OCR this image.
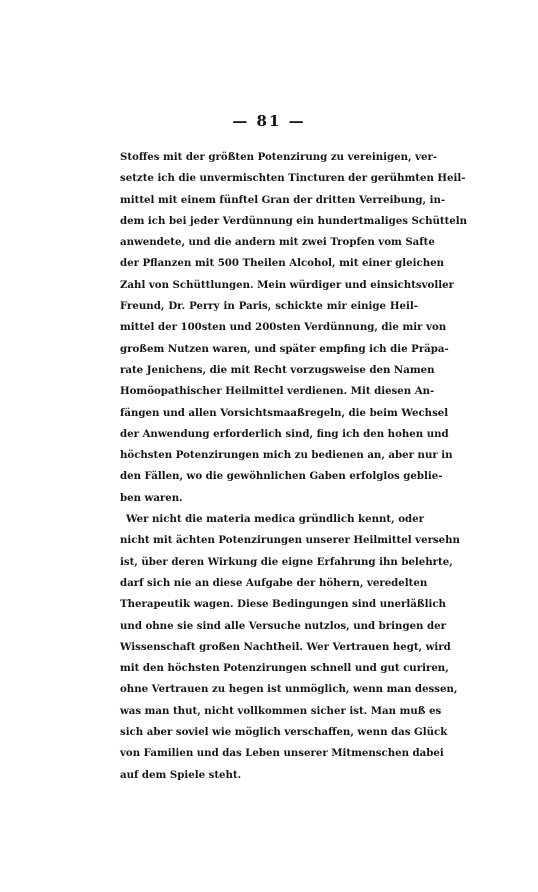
— 81 —
Stoffes mit der größten Potenzirung zu vereinigen, ver-
setzte ich die unvermischten Tincturen der gerühmten Heil-
mittel mit einem fünftel Gran der dritten Verreibung, in-
dem ich bei jeder Verdünnung ein hundertmaliges Schütteln
anwendete, und die andern mit zwei Tropfen vom Safte
der Pflanzen mit 500 Theilen Alcohol, mit einer gleichen
Zahl von Schüttlungen. Mein würdiger und einsichtsvoller
Freund, Dr. Perry in Paris, schickte mir einige Heil-
mittel der 100sten und 200sten Verdünnung, die mir von
großem Nutzen waren, und später empfing ich die Präpa-
rate Jenichens, die mit Recht vorzugsweise den Namen
Homöopathischer Heilmittel verdienen. Mit diesen An-
fängen und allen Vorsichtsmaaßregeln, die beim Wechsel
der Anwendung erforderlich sind, fing ich den hohen und
höchsten Potenzirungen mich zu bedienen an, aber nur in
den Fällen, wo die gewöhnlichen Gaben erfolglos geblie-
ben waren.
Wer nicht die materia medica gründlich kennt, oder
nicht mit ächten Potenzirungen unserer Heilmittel versehn
ist, über deren Wirkung die eigne Erfahrung ihn belehrte,
darf sich nie an diese Aufgabe der höhern, veredelten
Therapeutik wagen. Diese Bedingungen sind unerläßlich
und ohne sie sind alle Versuche nutzlos, und bringen der
Wissenschaft großen Nachtheil. Wer Vertrauen hegt, wird
mit den höchsten Potenzirungen schnell und gut curiren,
ohne Vertrauen zu hegen ist unmöglich, wenn man dessen,
was man thut, nicht vollkommen sicher ist. Man muß es
sich aber soviel wie möglich verschaffen, wenn das Glück
von Familien und das Leben unserer Mitmenschen dabei
auf dem Spiele steht.
